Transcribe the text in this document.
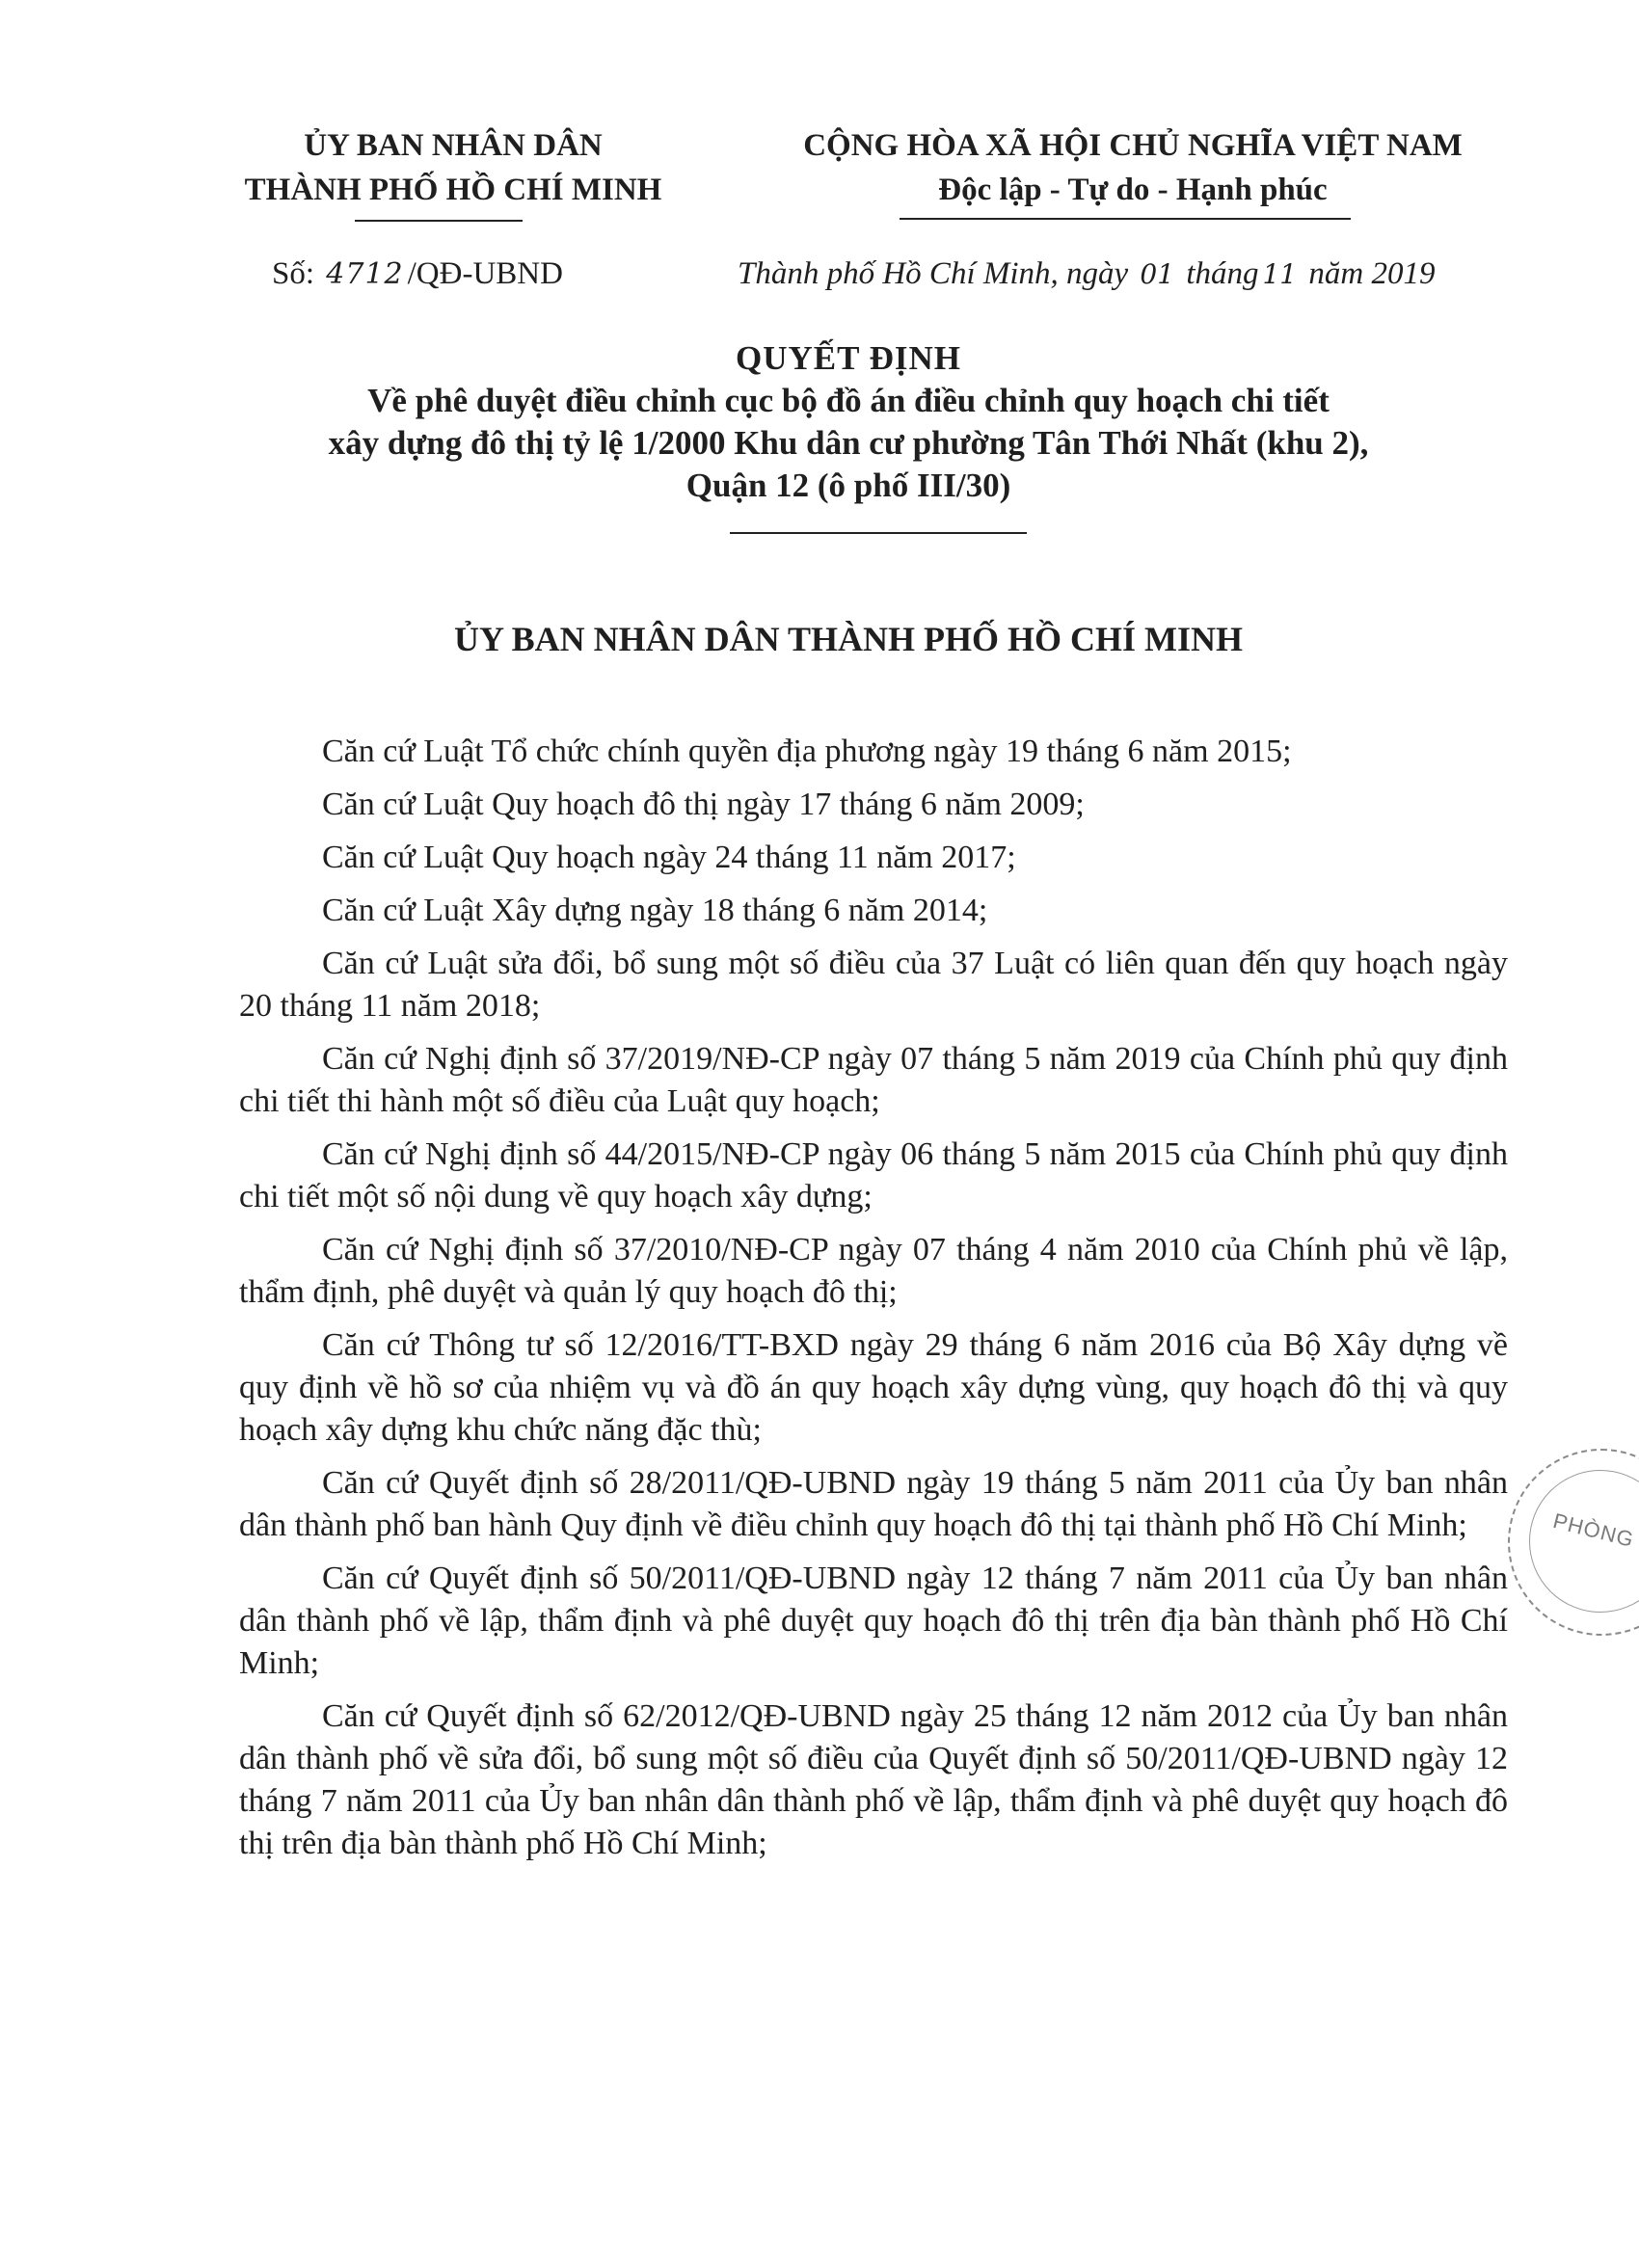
ỦY BAN NHÂN DÂN
THÀNH PHỐ HỒ CHÍ MINH
CỘNG HÒA XÃ HỘI CHỦ NGHĨA VIỆT NAM
Độc lập - Tự do - Hạnh phúc
Số: 4712 /QĐ-UBND	Thành phố Hồ Chí Minh, ngày 01 tháng 11 năm 2019
QUYẾT ĐỊNH
Về phê duyệt điều chỉnh cục bộ đồ án điều chỉnh quy hoạch chi tiết
xây dựng đô thị tỷ lệ 1/2000 Khu dân cư phường Tân Thới Nhất (khu 2),
Quận 12 (ô phố III/30)
ỦY BAN NHÂN DÂN THÀNH PHỐ HỒ CHÍ MINH

Căn cứ Luật Tổ chức chính quyền địa phương ngày 19 tháng 6 năm 2015;

Căn cứ Luật Quy hoạch đô thị ngày 17 tháng 6 năm 2009;

Căn cứ Luật Quy hoạch ngày 24 tháng 11 năm 2017;

Căn cứ Luật Xây dựng ngày 18 tháng 6 năm 2014;

Căn cứ Luật sửa đổi, bổ sung một số điều của 37 Luật có liên quan đến quy hoạch ngày 20 tháng 11 năm 2018;

Căn cứ Nghị định số 37/2019/NĐ-CP ngày 07 tháng 5 năm 2019 của Chính phủ quy định chi tiết thi hành một số điều của Luật quy hoạch;

Căn cứ Nghị định số 44/2015/NĐ-CP ngày 06 tháng 5 năm 2015 của Chính phủ quy định chi tiết một số nội dung về quy hoạch xây dựng;

Căn cứ Nghị định số 37/2010/NĐ-CP ngày 07 tháng 4 năm 2010 của Chính phủ về lập, thẩm định, phê duyệt và quản lý quy hoạch đô thị;

Căn cứ Thông tư số 12/2016/TT-BXD ngày 29 tháng 6 năm 2016 của Bộ Xây dựng về quy định về hồ sơ của nhiệm vụ và đồ án quy hoạch xây dựng vùng, quy hoạch đô thị và quy hoạch xây dựng khu chức năng đặc thù;

Căn cứ Quyết định số 28/2011/QĐ-UBND ngày 19 tháng 5 năm 2011 của Ủy ban nhân dân thành phố ban hành Quy định về điều chỉnh quy hoạch đô thị tại thành phố Hồ Chí Minh;

Căn cứ Quyết định số 50/2011/QĐ-UBND ngày 12 tháng 7 năm 2011 của Ủy ban nhân dân thành phố về lập, thẩm định và phê duyệt quy hoạch đô thị trên địa bàn thành phố Hồ Chí Minh;

Căn cứ Quyết định số 62/2012/QĐ-UBND ngày 25 tháng 12 năm 2012 của Ủy ban nhân dân thành phố về sửa đổi, bổ sung một số điều của Quyết định số 50/2011/QĐ-UBND ngày 12 tháng 7 năm 2011 của Ủy ban nhân dân thành phố về lập, thẩm định và phê duyệt quy hoạch đô thị trên địa bàn thành phố Hồ Chí Minh;

PHÒNG
